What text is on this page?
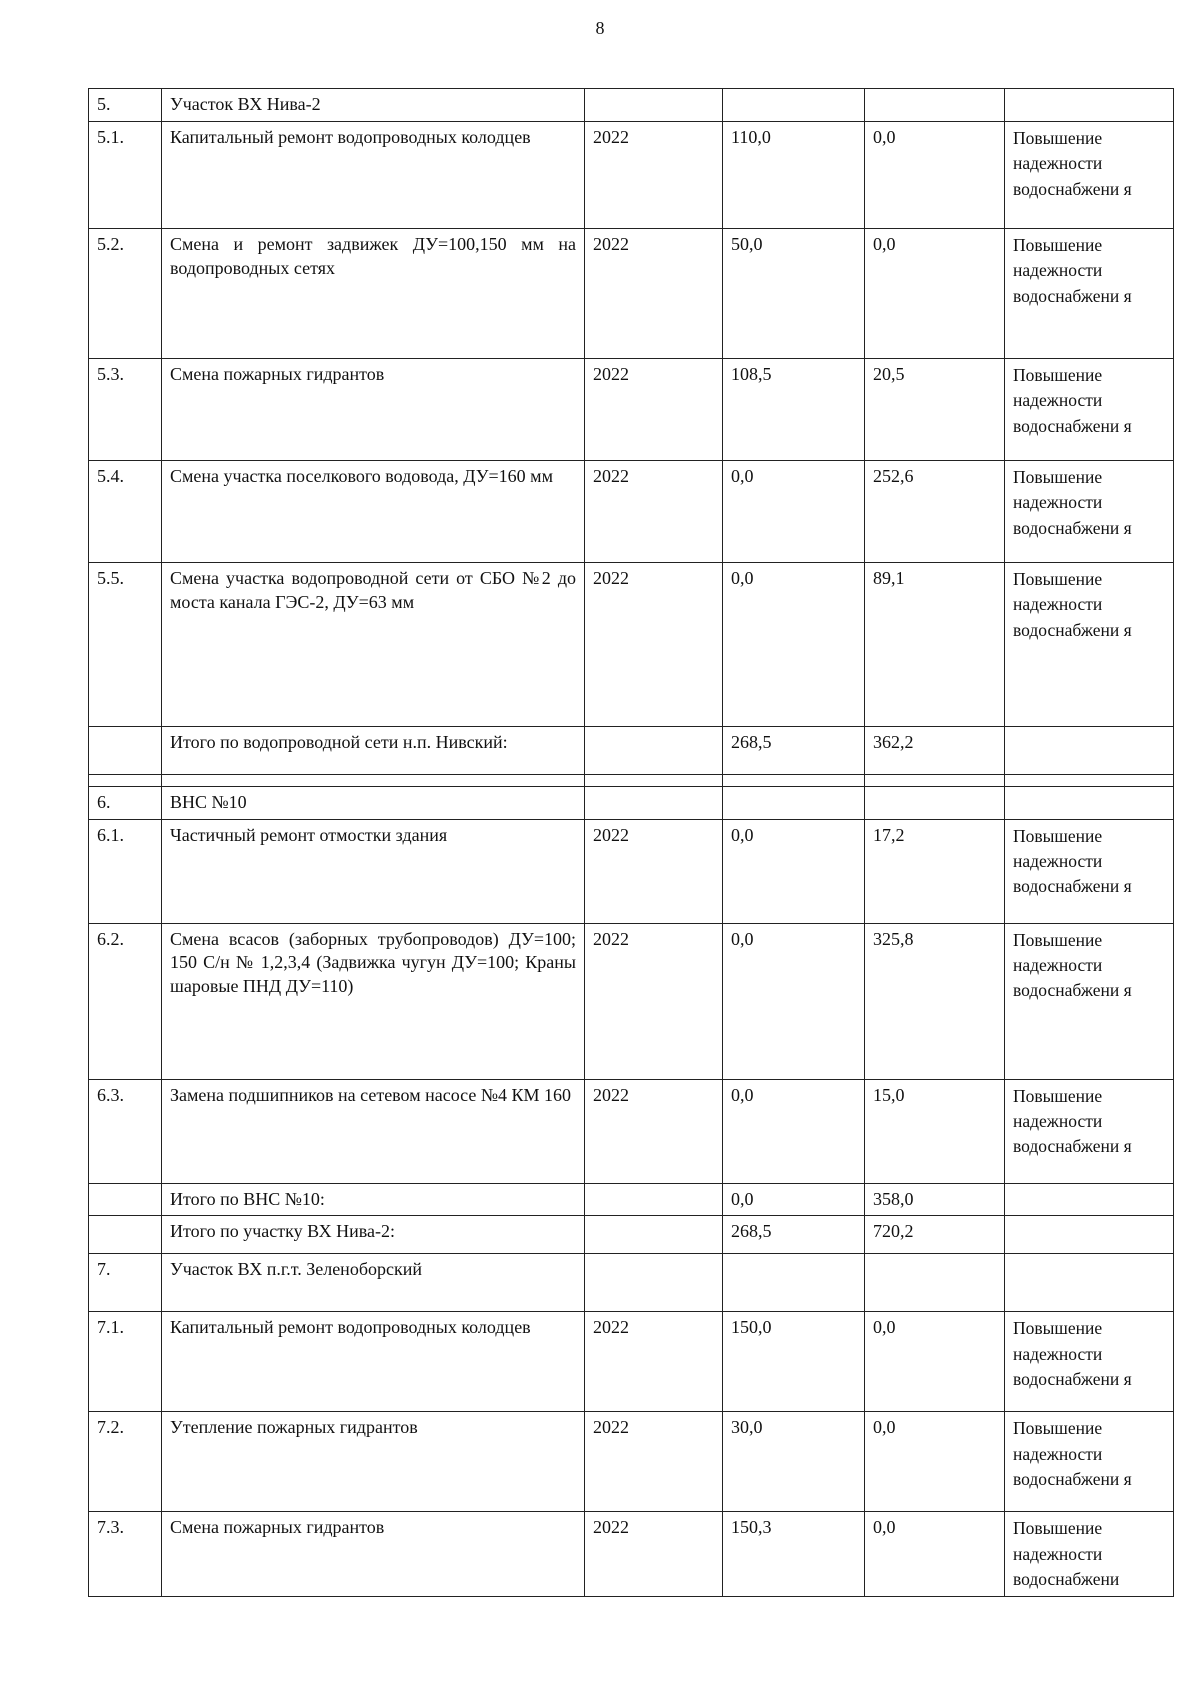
8
5.	Участок ВХ Нива-2				
5.1.	Капитальный ремонт водопроводных колодцев	2022	110,0	0,0	Повышение надежности водоснабжени я
5.2.	Смена и ремонт задвижек ДУ=100,150 мм на водопроводных сетях	2022	50,0	0,0	Повышение надежности водоснабжени я
5.3.	Смена пожарных гидрантов	2022	108,5	20,5	Повышение надежности водоснабжени я
5.4.	Смена участка поселкового водовода, ДУ=160 мм	2022	0,0	252,6	Повышение надежности водоснабжени я
5.5.	Смена участка водопроводной сети от СБО №2 до моста канала ГЭС-2, ДУ=63 мм	2022	0,0	89,1	Повышение надежности водоснабжени я
	Итого по водопроводной сети н.п. Нивский:		268,5	362,2	

6.	ВНС №10				
6.1.	Частичный ремонт отмостки здания	2022	0,0	17,2	Повышение надежности водоснабжени я
6.2.	Смена всасов (заборных трубопроводов) ДУ=100; 150 С/н № 1,2,3,4 (Задвижка чугун ДУ=100; Краны шаровые ПНД ДУ=110)	2022	0,0	325,8	Повышение надежности водоснабжени я
6.3.	Замена подшипников на сетевом насосе №4 КМ 160	2022	0,0	15,0	Повышение надежности водоснабжени я
	Итого по ВНС №10:		0,0	358,0	
	Итого по участку ВХ Нива-2:		268,5	720,2	
7.	Участок ВХ п.г.т. Зеленоборский				
7.1.	Капитальный ремонт водопроводных колодцев	2022	150,0	0,0	Повышение надежности водоснабжени я
7.2.	Утепление пожарных гидрантов	2022	30,0	0,0	Повышение надежности водоснабжени я
7.3.	Смена пожарных гидрантов	2022	150,3	0,0	Повышение надежности водоснабжени
